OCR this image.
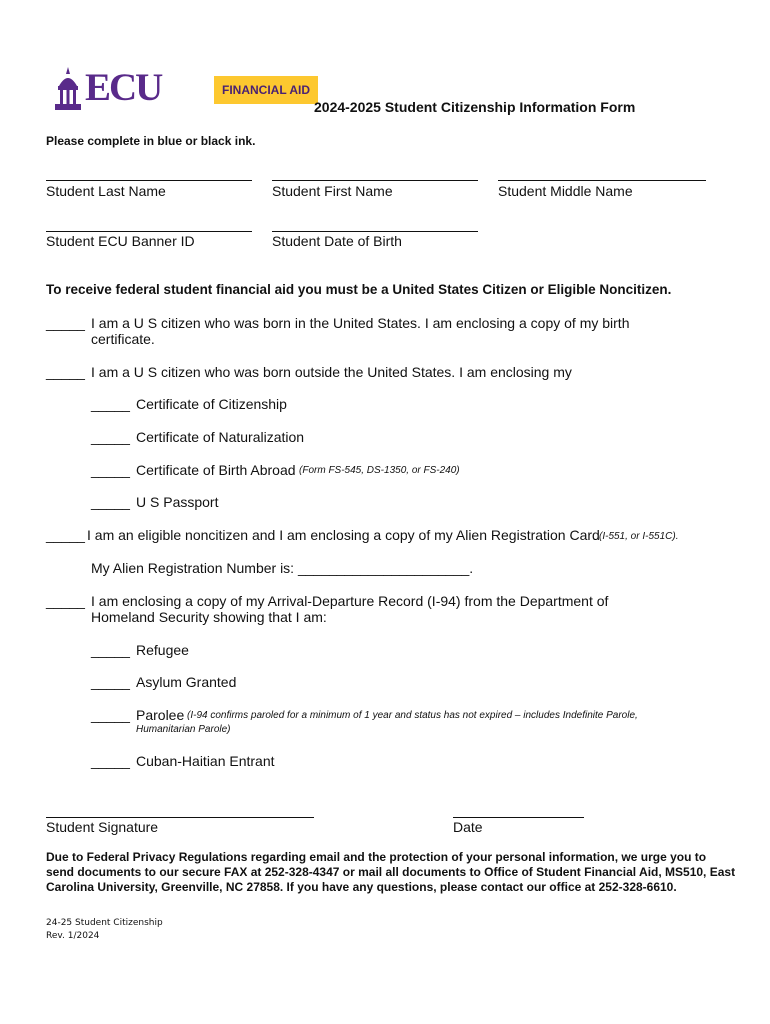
ECU	FINANCIAL AID
2024-2025 Student Citizenship Information Form
Please complete in blue or black ink.
Student Last Name	Student First Name	Student Middle Name
Student ECU Banner ID	Student Date of Birth
To receive federal student financial aid you must be a United States Citizen or Eligible Noncitizen.
_____ I am a U S citizen who was born in the United States. I am enclosing a copy of my birth
certificate.
_____ I am a U S citizen who was born outside the United States. I am enclosing my
_____ Certificate of Citizenship
_____ Certificate of Naturalization
_____ Certificate of Birth Abroad (Form FS-545, DS-1350, or FS-240)
_____ U S Passport
_____ I am an eligible noncitizen and I am enclosing a copy of my Alien Registration Card (I-551, or I-551C).
My Alien Registration Number is: ______________________.
_____ I am enclosing a copy of my Arrival-Departure Record (I-94) from the Department of
Homeland Security showing that I am:
_____ Refugee
_____ Asylum Granted
_____ Parolee (I-94 confirms paroled for a minimum of 1 year and status has not expired – includes Indefinite Parole,
Humanitarian Parole)
_____ Cuban-Haitian Entrant
Student Signature	Date
Due to Federal Privacy Regulations regarding email and the protection of your personal information, we urge you to send documents to our secure FAX at 252-328-4347 or mail all documents to Office of Student Financial Aid, MS510, East Carolina University, Greenville, NC 27858. If you have any questions, please contact our office at 252-328-6610.
24-25 Student Citizenship
Rev. 1/2024
